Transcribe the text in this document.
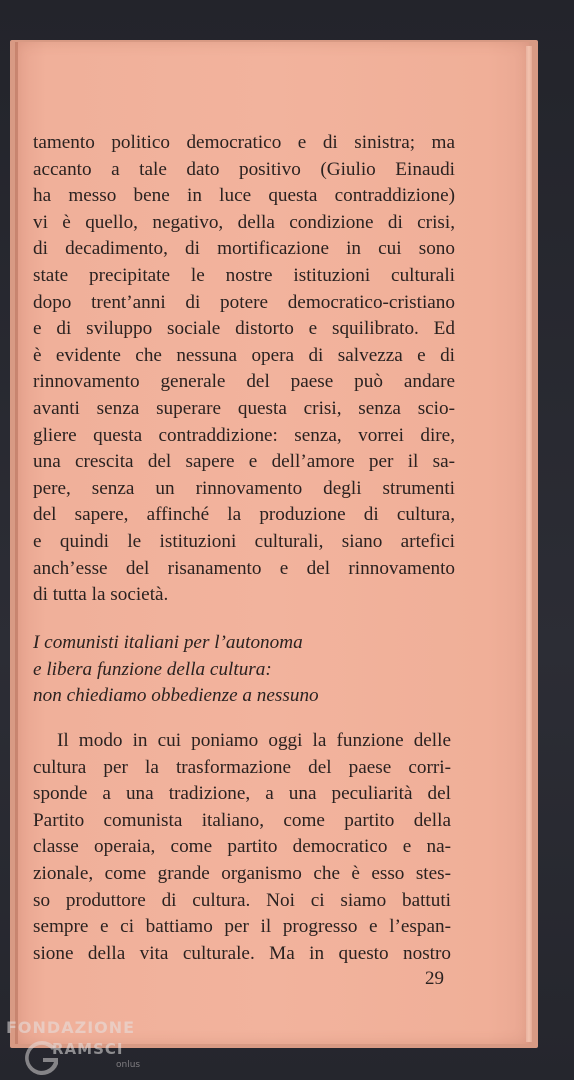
tamento politico democratico e di sinistra; ma
accanto a tale dato positivo (Giulio Einaudi
ha messo bene in luce questa contraddizione)
vi è quello, negativo, della condizione di crisi,
di decadimento, di mortificazione in cui sono
state precipitate le nostre istituzioni culturali
dopo trent’anni di potere democratico-cristiano
e di sviluppo sociale distorto e squilibrato. Ed
è evidente che nessuna opera di salvezza e di
rinnovamento generale del paese può andare
avanti senza superare questa crisi, senza scio-
gliere questa contraddizione: senza, vorrei dire,
una crescita del sapere e dell’amore per il sa-
pere, senza un rinnovamento degli strumenti
del sapere, affinché la produzione di cultura,
e quindi le istituzioni culturali, siano artefici
anch’esse del risanamento e del rinnovamento
di tutta la società.
I comunisti italiani per l’autonoma
e libera funzione della cultura:
non chiediamo obbedienze a nessuno
Il modo in cui poniamo oggi la funzione delle
cultura per la trasformazione del paese corri-
sponde a una tradizione, a una peculiarità del
Partito comunista italiano, come partito della
classe operaia, come partito democratico e na-
zionale, come grande organismo che è esso stes-
so produttore di cultura. Noi ci siamo battuti
sempre e ci battiamo per il progresso e l’espan-
sione della vita culturale. Ma in questo nostro
29
FONDAZIONE
RAMSCI
onlus
